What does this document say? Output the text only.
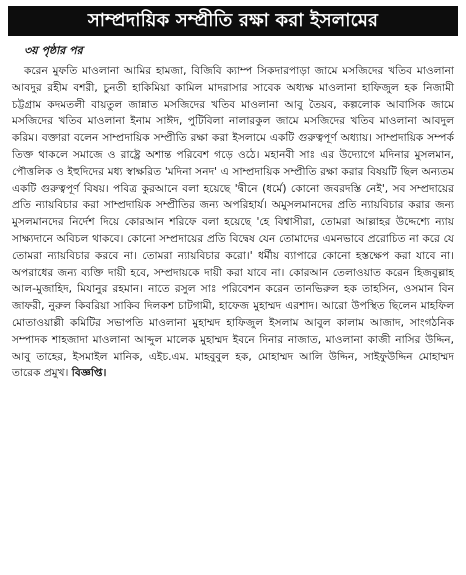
সাম্প্রদায়িক সম্প্রীতি রক্ষা করা ইসলামের
৩য় পৃষ্ঠার পর

করেন মুফতি মাওলানা আমির হামজা, বিজিবি ক্যাম্প সিকদারপাড়া জামে মসজিদের খতিব মাওলানা আবদুর রহীম বশরী, চুনতী হাকিমিয়া কামিল মাদরাসার সাবেক অধ্যক্ষ মাওলানা হাফিজুল হক নিজামী চট্টগ্রাম কদমতলী বায়তুল জান্নাত মসজিদের খতিব মাওলানা আবু তৈয়ব, কল্পলোক আবাসিক জামে মসজিদের খতিব মাওলানা ইনাম সাঈদ, পুটিবিলা নালারকুল জামে মসজিদের খতিব মাওলানা আবদুল করিম। বক্তারা বলেন সাম্প্রদায়িক সম্প্রীতি রক্ষা করা ইসলামে একটি গুরুত্বপূর্ণ অধ্যায়। সাম্প্রদায়িক সম্পর্ক তিক্ত থাকলে সমাজে ও রাষ্ট্রে অশান্ত পরিবেশ গড়ে ওঠে। মহানবী সাঃ এর উদ্যোগে মদিনার মুসলমান, পৌত্তলিক ও ইহুদিদের মধ্য স্বাক্ষরিত 'মদিনা সনদ' এ সাম্প্রদায়িক সম্প্রীতি রক্ষা করার বিষয়টি ছিল অন্যতম একটি গুরুত্বপূর্ণ বিষয়। পবিত্র কুরআনে বলা হয়েছে 'দ্বীনে (ধর্মে) কোনো জবরদস্তি নেই', সব সম্প্রদায়ের প্রতি ন্যায়বিচার করা সাম্প্রদায়িক সম্প্রীতির জন্য অপরিহার্য। অমুসলমানদের প্রতি ন্যায়বিচার করার জন্য মুসলমানদের নির্দেশ দিয়ে কোরআন শরিফে বলা হয়েছে 'হে বিশ্বাসীরা, তোমরা আল্লাহর উদ্দেশ্যে ন্যায় সাক্ষ্যদানে অবিচল থাকবে। কোনো সম্প্রদায়ের প্রতি বিদ্বেষ যেন তোমাদের এমনভাবে প্ররোচিত না করে যে তোমরা ন্যায়বিচার করবে না। তোমরা ন্যায়বিচার করো।' ধর্মীয় ব্যাপারে কোনো হস্তক্ষেপ করা যাবে না। অপরাধের জন্য ব্যক্তি দায়ী হবে, সম্প্রদায়কে দায়ী করা যাবে না। কোরআন তেলাওয়াত করেন হিজবুল্লাহ আল-মুজাহিদ, মিযানুর রহমান। নাতে রসুল সাঃ পরিবেশন করেন তানভিরুল হক তাহসিন, ওসমান বিন জাফরী, নুরুল কিবরিয়া সাকিব দিলকশ চাটগামী, হাফেজ মুহাম্মদ এরশাদ। আরো উপস্থিত ছিলেন মাহফিল মোতাওয়াল্লী কমিটির সভাপতি মাওলানা মুহাম্মদ হাফিজুল ইসলাম আবুল কালাম আজাদ, সাংগঠনিক সম্পাদক শাহজাদা মাওলানা আব্দুল মালেক মুহাম্মদ ইবনে দিনার নাজাত, মাওলানা কাজী নাসির উদ্দিন, আবু তাহের, ইসমাইল মানিক, এইচ.এম. মাহবুবুল হক, মোহাম্মদ আলি উদ্দিন, সাইফুউদ্দিন মোহাম্মদ তারেক প্রমুখ। বিজ্ঞপ্তি।
